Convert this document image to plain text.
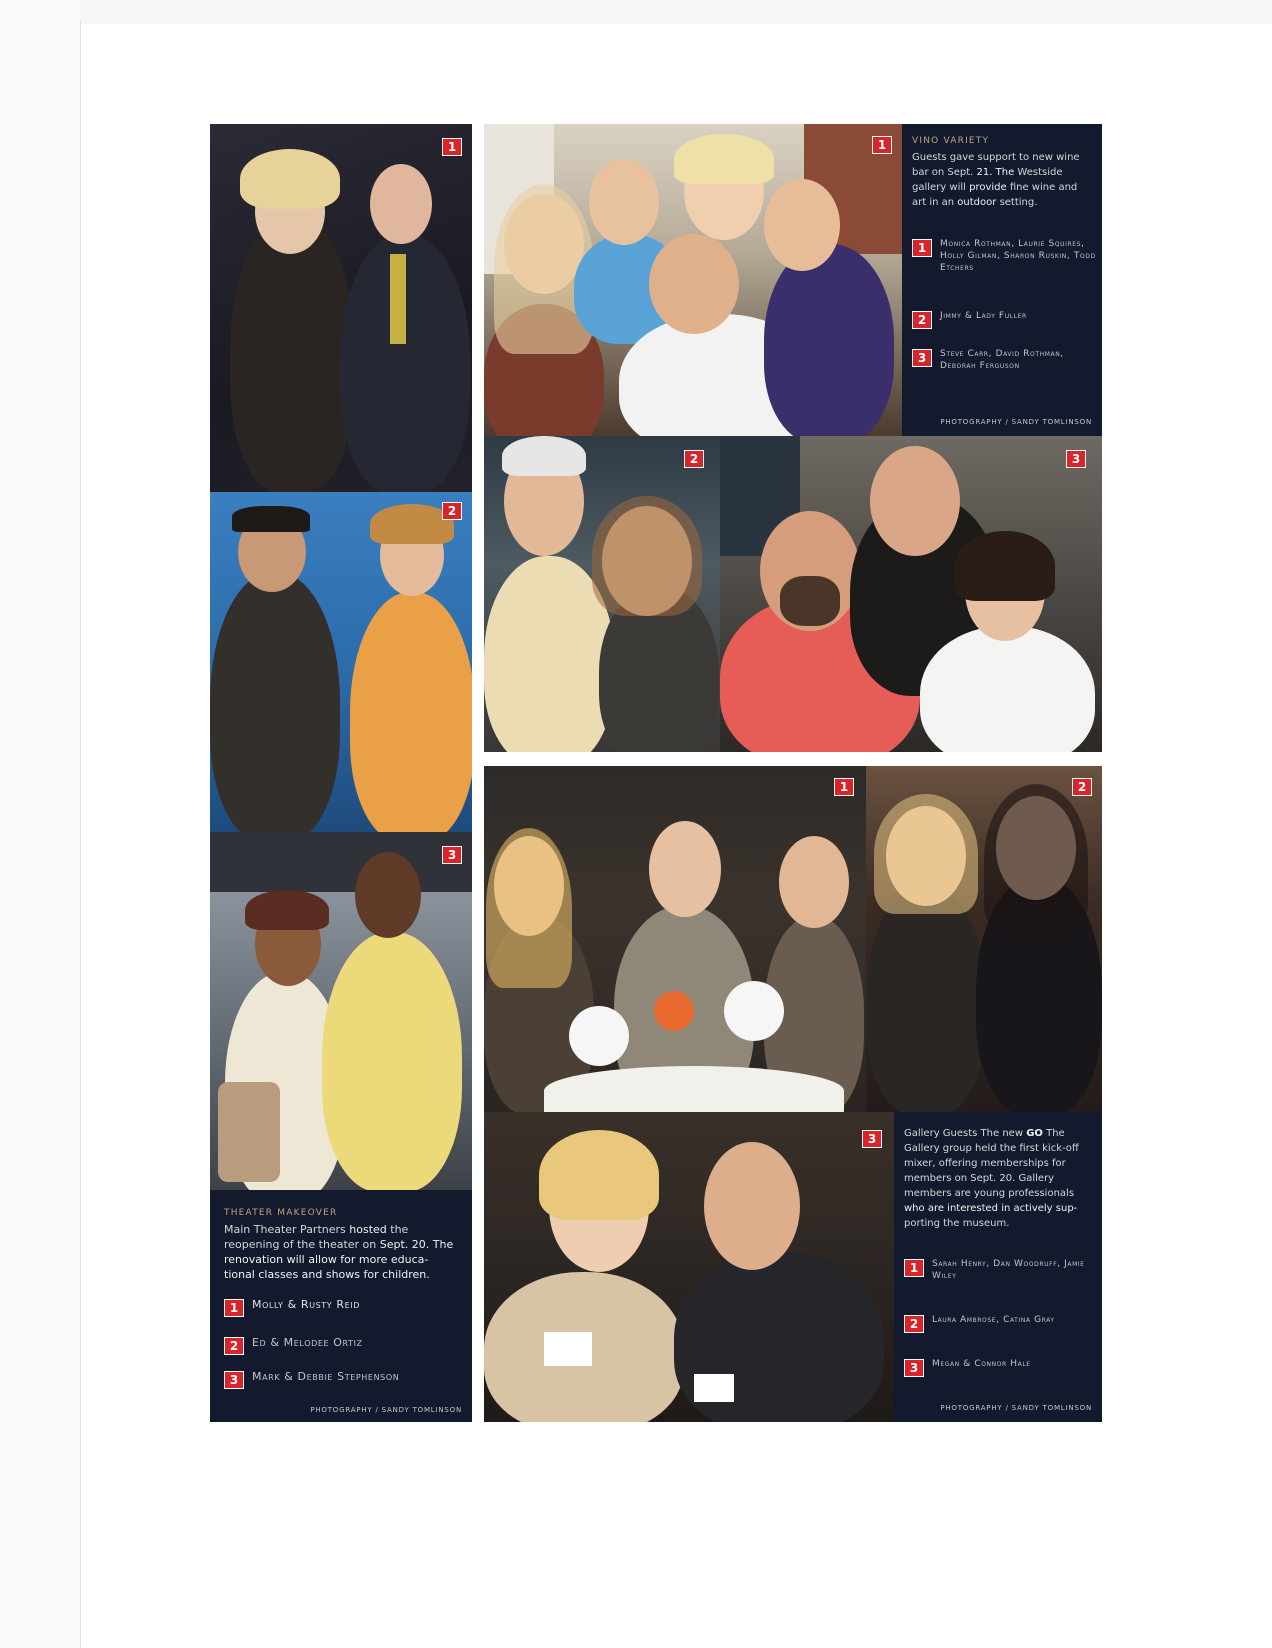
1
2
3
THEATER MAKEOVER
Main Theater Partners hosted the
reopening of the theater on Sept. 20. The
renovation will allow for more educa-
tional classes and shows for children.
1	Molly & Rusty Reid
2	Ed & Melodee Ortiz
3	Mark & Debbie Stephenson
PHOTOGRAPHY / SANDY TOMLINSON
1	VINO VARIETY
Guests gave support to new wine bar on Sept. 21. The Westside gallery will provide fine wine and art in an outdoor setting.
1	Monica Rothman, Laurie Squires, Holly Gilman, Sharon Ruskin, Todd Etchers
2	Jimmy & Lady Fuller
3	Steve Carr, David Rothman, Deborah Ferguson
PHOTOGRAPHY / SANDY TOMLINSON
2	3
1	2
3	Gallery Guests The new GO The Gallery group held the first kick-off mixer, offering memberships for members on Sept. 20. Gallery members are young professionals who are interested in actively sup- porting the museum.
1	Sarah Henry, Dan Woodruff, Jamie Wiley
2	Laura Ambrose, Catina Gray
3	Megan & Connor Hale
PHOTOGRAPHY / SANDY TOMLINSON
